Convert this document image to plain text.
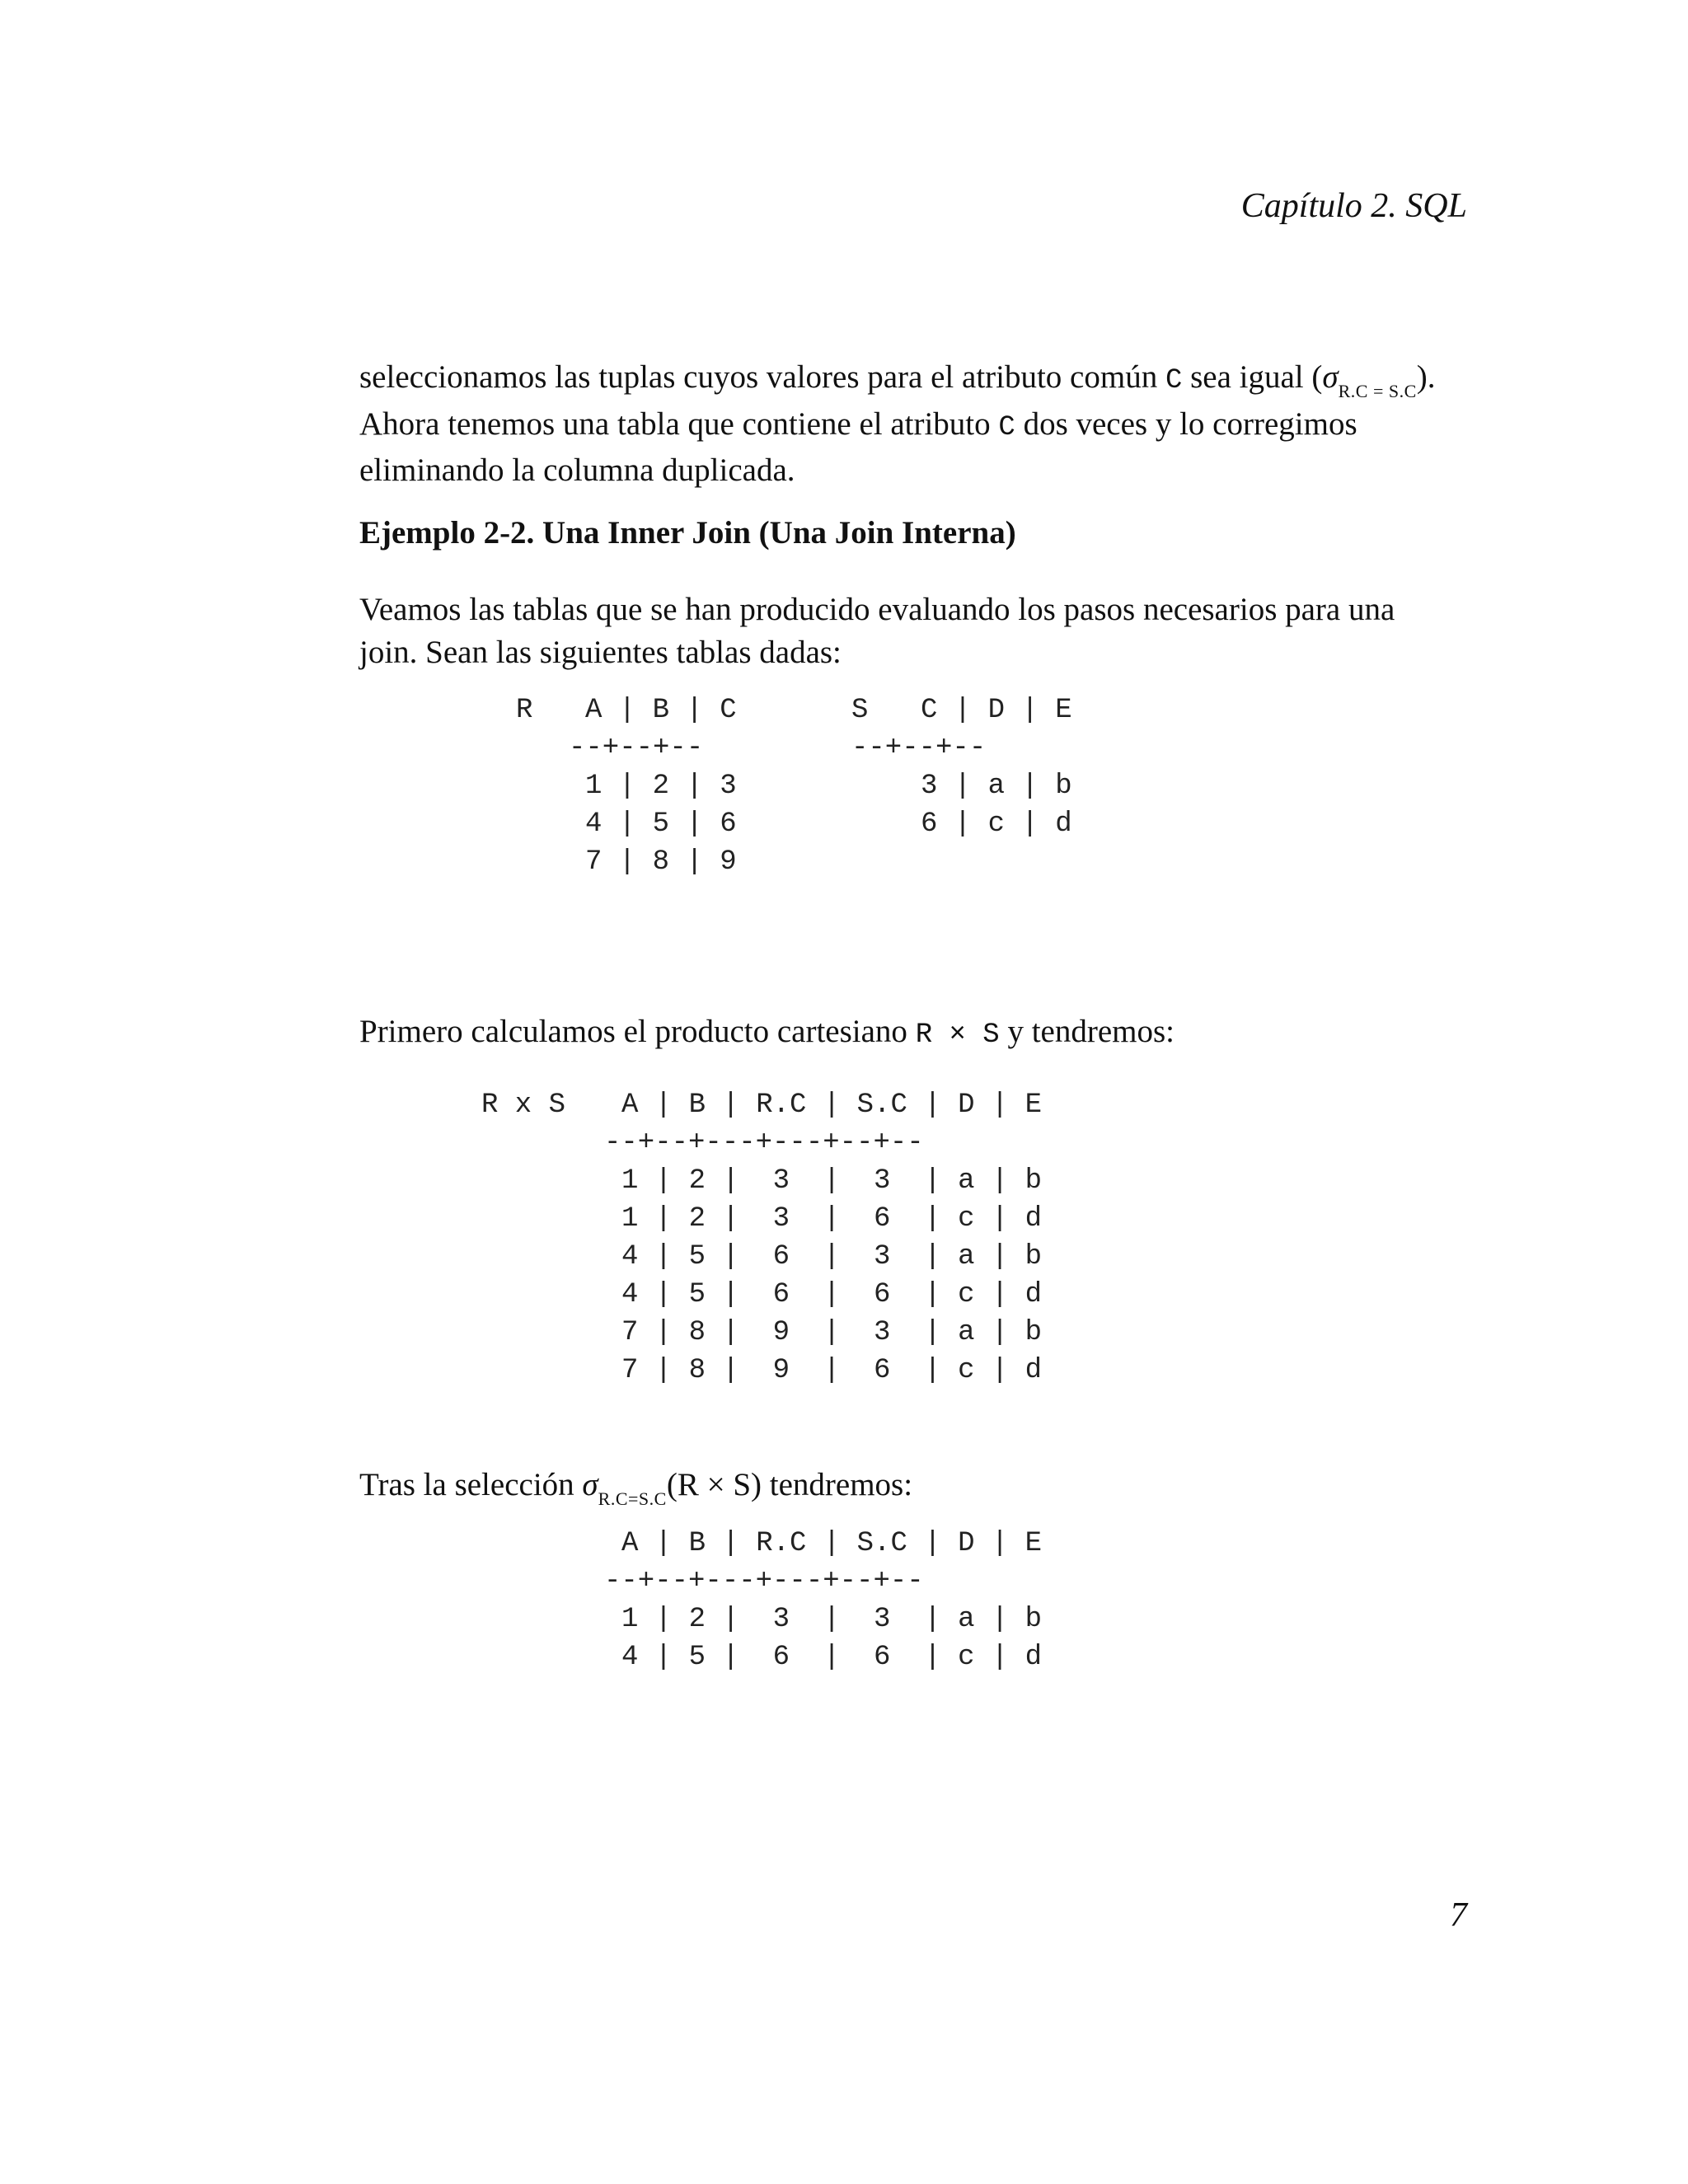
Capítulo 2. SQL

seleccionamos las tuplas cuyos valores para el atributo común C sea igual $(\sigma_{R.C = S.C})$.
Ahora tenemos una tabla que contiene el atributo C dos veces y lo corregimos
eliminando la columna duplicada.

Ejemplo 2-2. Una Inner Join (Una Join Interna)

Veamos las tablas que se han producido evaluando los pasos necesarios para una
join. Sean las siguientes tablas dadas:

R A | B | C
--+--+--
1 | 2 | 3
4 | 5 | 6
7 | 8 | 9
S C | D | E
--+--+--
3 | a | b
6 | c | d

Primero calculamos el producto cartesiano R × S y tendremos:

R x S A | B | R.C | S.C | D | E
--+--+---+---+--+--
1 | 2 |  3  |  3  | a | b
1 | 2 |  3  |  6  | c | d
4 | 5 |  6  |  3  | a | b
4 | 5 |  6  |  6  | c | d
7 | 8 |  9  |  3  | a | b
7 | 8 |  9  |  6  | c | d

Tras la selección $\sigma_{R.C=S.C}(R \times S)$ tendremos:

A | B | R.C | S.C | D | E
--+--+---+---+--+--
1 | 2 |  3  |  3  | a | b
4 | 5 |  6  |  6  | c | d
7
